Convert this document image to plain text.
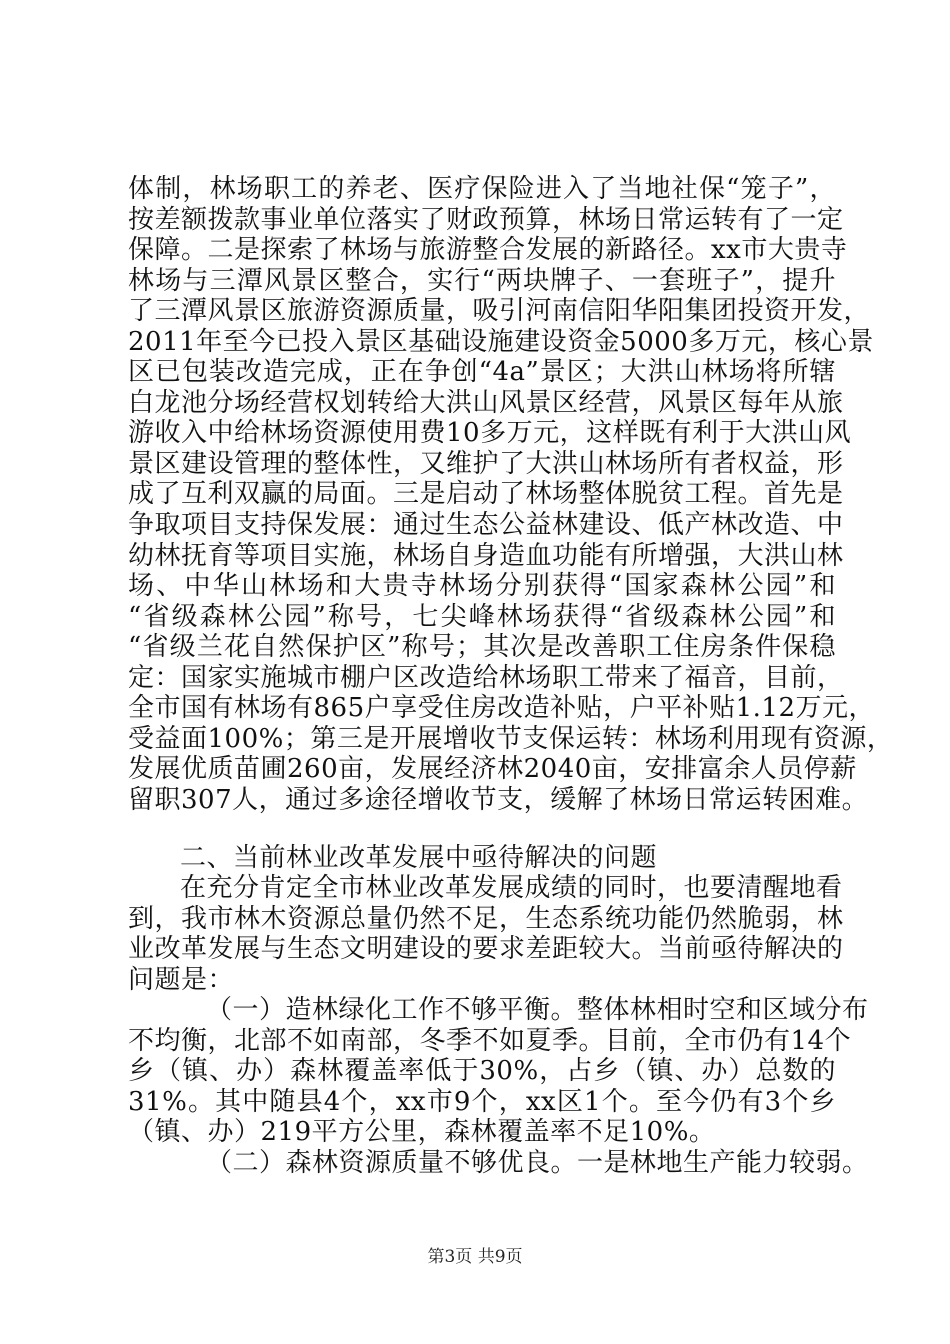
体制，林场职工的养老、医疗保险进入了当地社保“笼子”，
按差额拨款事业单位落实了财政预算，林场日常运转有了一定
保障。二是探索了林场与旅游整合发展的新路径。xx市大贵寺
林场与三潭风景区整合，实行“两块牌子、一套班子”，提升
了三潭风景区旅游资源质量，吸引河南信阳华阳集团投资开发，
2011年至今已投入景区基础设施建设资金5000多万元，核心景
区已包装改造完成，正在争创“4a”景区；大洪山林场将所辖
白龙池分场经营权划转给大洪山风景区经营，风景区每年从旅
游收入中给林场资源使用费10多万元，这样既有利于大洪山风
景区建设管理的整体性，又维护了大洪山林场所有者权益，形
成了互利双赢的局面。三是启动了林场整体脱贫工程。首先是
争取项目支持保发展：通过生态公益林建设、低产林改造、中
幼林抚育等项目实施，林场自身造血功能有所增强，大洪山林
场、中华山林场和大贵寺林场分别获得“国家森林公园”和
“省级森林公园”称号，七尖峰林场获得“省级森林公园”和
“省级兰花自然保护区”称号；其次是改善职工住房条件保稳
定：国家实施城市棚户区改造给林场职工带来了福音，目前，
全市国有林场有865户享受住房改造补贴，户平补贴1.12万元，
受益面100%；第三是开展增收节支保运转：林场利用现有资源，
发展优质苗圃260亩，发展经济林2040亩，安排富余人员停薪
留职307人，通过多途径增收节支，缓解了林场日常运转困难。
二、当前林业改革发展中亟待解决的问题
在充分肯定全市林业改革发展成绩的同时，也要清醒地看
到，我市林木资源总量仍然不足，生态系统功能仍然脆弱，林
业改革发展与生态文明建设的要求差距较大。当前亟待解决的
问题是：
（一）造林绿化工作不够平衡。整体林相时空和区域分布
不均衡，北部不如南部，冬季不如夏季。目前，全市仍有14个
乡（镇、办）森林覆盖率低于30%，占乡（镇、办）总数的
31%。其中随县4个，xx市9个，xx区1个。至今仍有3个乡
（镇、办）219平方公里，森林覆盖率不足10%。
第3页 共9页
（二）森林资源质量不够优良。一是林地生产能力较弱。
